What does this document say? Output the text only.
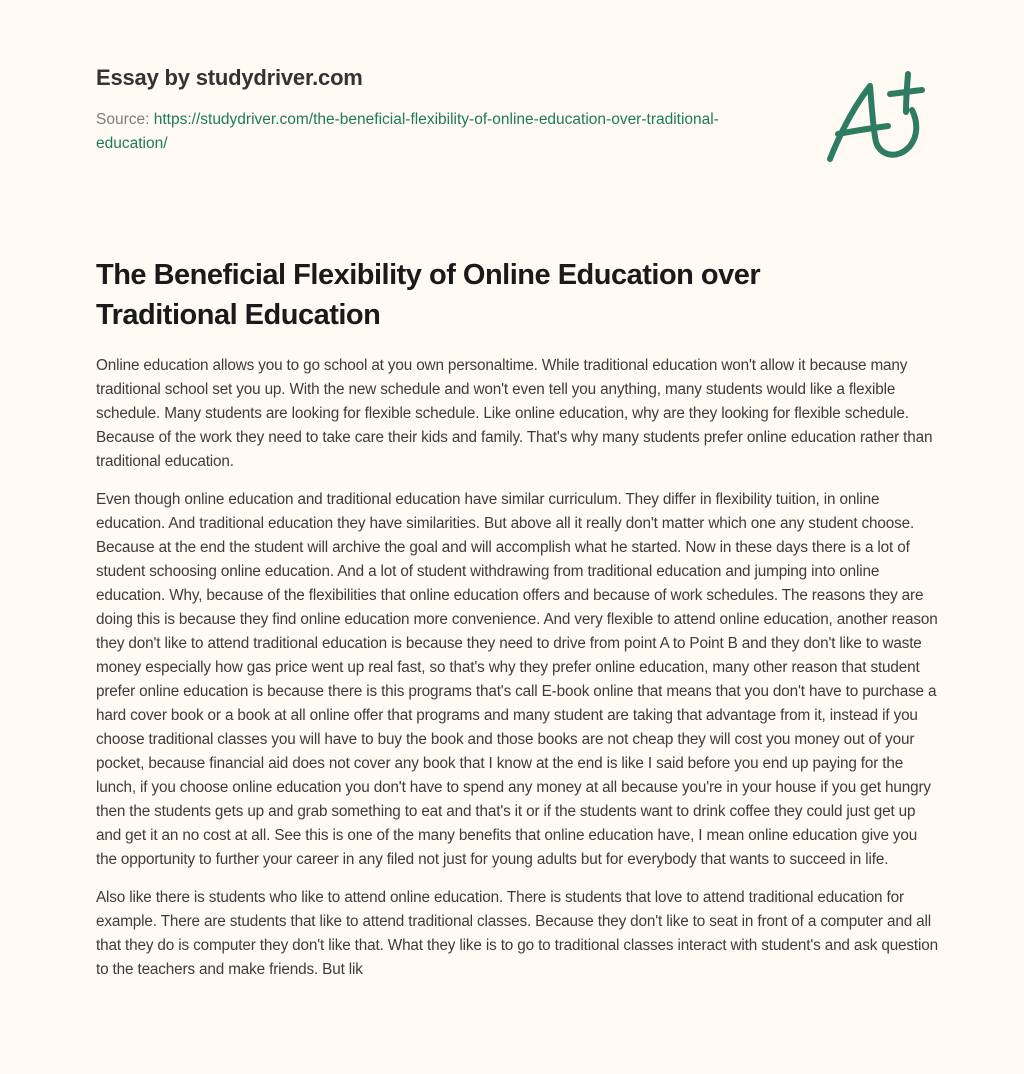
Essay by studydriver.com
Source: https://studydriver.com/the-beneficial-flexibility-of-online-education-over-traditional-education/
The Beneficial Flexibility of Online Education over Traditional Education

Online education allows you to go school at you own personaltime. While traditional education won't allow it because many traditional school set you up. With the new schedule and won't even tell you anything, many students would like a flexible schedule. Many students are looking for flexible schedule. Like online education, why are they looking for flexible schedule. Because of the work they need to take care their kids and family. That's why many students prefer online education rather than traditional education.

Even though online education and traditional education have similar curriculum. They differ in flexibility tuition, in online education. And traditional education they have similarities. But above all it really don't matter which one any student choose. Because at the end the student will archive the goal and will accomplish what he started. Now in these days there is a lot of student schoosing online education. And a lot of student withdrawing from traditional education and jumping into online education. Why, because of the flexibilities that online education offers and because of work schedules. The reasons they are doing this is because they find online education more convenience. And very flexible to attend online education, another reason they don't like to attend traditional education is because they need to drive from point A to Point B and they don't like to waste money especially how gas price went up real fast, so that's why they prefer online education, many other reason that student prefer online education is because there is this programs that's call E-book online that means that you don't have to purchase a hard cover book or a book at all online offer that programs and many student are taking that advantage from it, instead if you choose traditional classes you will have to buy the book and those books are not cheap they will cost you money out of your pocket, because financial aid does not cover any book that I know at the end is like I said before you end up paying for the lunch, if you choose online education you don't have to spend any money at all because you're in your house if you get hungry then the students gets up and grab something to eat and that's it or if the students want to drink coffee they could just get up and get it an no cost at all. See this is one of the many benefits that online education have, I mean online education give you the opportunity to further your career in any filed not just for young adults but for everybody that wants to succeed in life.

Also like there is students who like to attend online education. There is students that love to attend traditional education for example. There are students that like to attend traditional classes. Because they don't like to seat in front of a computer and all that they do is computer they don't like that. What they like is to go to traditional classes interact with student's and ask question to the teachers and make friends. But lik
